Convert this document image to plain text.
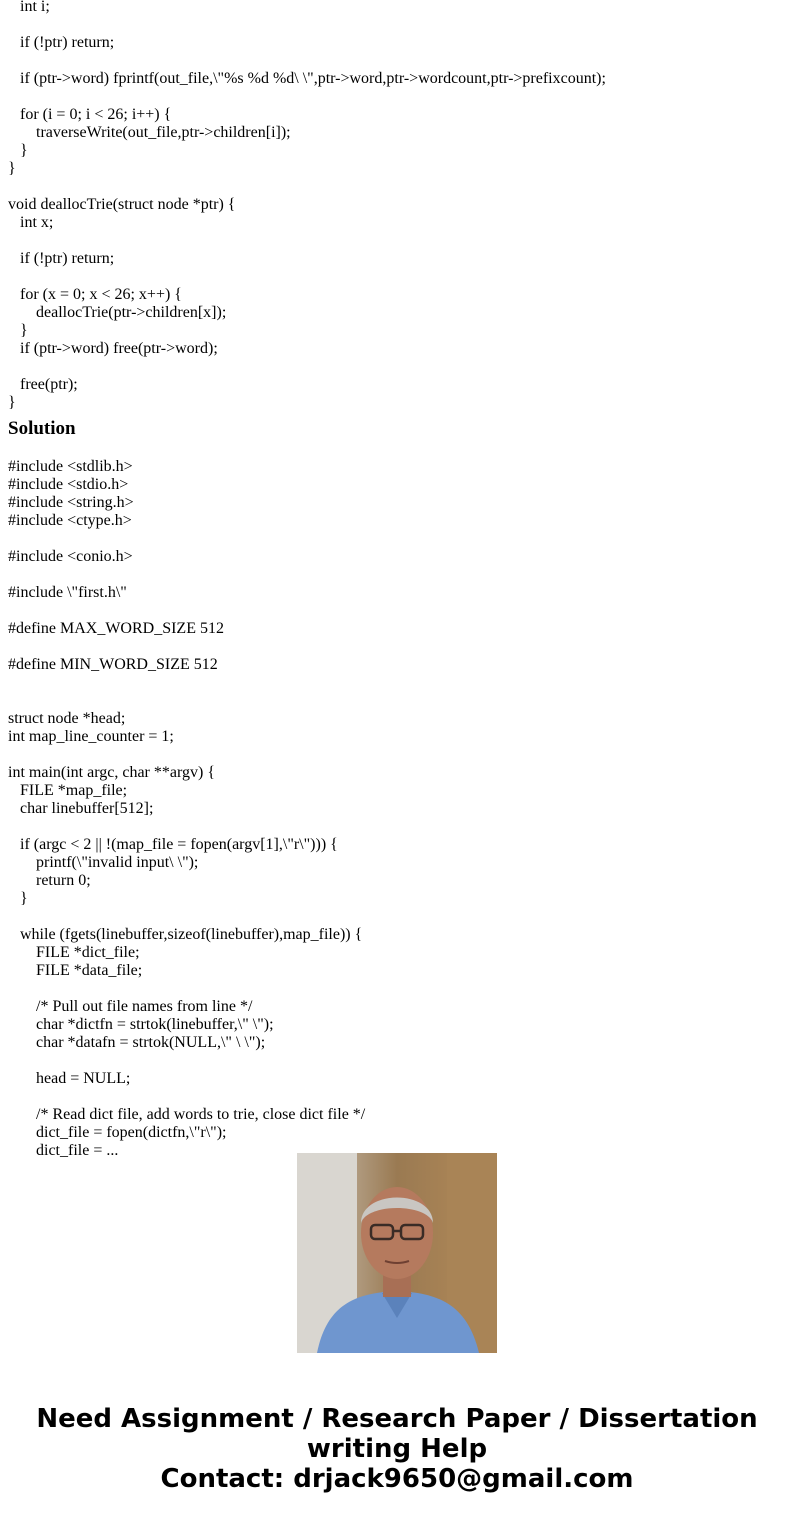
int i;

if (!ptr) return;

if (ptr->word) fprintf(out_file,\"%s %d %d\ \",ptr->word,ptr->wordcount,ptr->prefixcount);

for (i = 0; i < 26; i++) {
traverseWrite(out_file,ptr->children[i]);
}
}

void deallocTrie(struct node *ptr) {
int x;

if (!ptr) return;

for (x = 0; x < 26; x++) {
deallocTrie(ptr->children[x]);
}
if (ptr->word) free(ptr->word);

free(ptr);
}
Solution
#include <stdlib.h>
#include <stdio.h>
#include <string.h>
#include <ctype.h>

#include <conio.h>

#include \"first.h\"

#define MAX_WORD_SIZE 512

#define MIN_WORD_SIZE 512

struct node *head;
int map_line_counter = 1;

int main(int argc, char **argv) {
FILE *map_file;
char linebuffer[512];

if (argc < 2 || !(map_file = fopen(argv[1],\"r\"))) {
printf(\"invalid input\ \");
return 0;
}

while (fgets(linebuffer,sizeof(linebuffer),map_file)) {
FILE *dict_file;
FILE *data_file;

/* Pull out file names from line */
char *dictfn = strtok(linebuffer,\" \");
char *datafn = strtok(NULL,\" \ \");

head = NULL;

/* Read dict file, add words to trie, close dict file */
dict_file = fopen(dictfn,\"r\");
dict_file = ...
Need Assignment / Research Paper / Dissertation
writing Help
Contact: drjack9650@gmail.com
